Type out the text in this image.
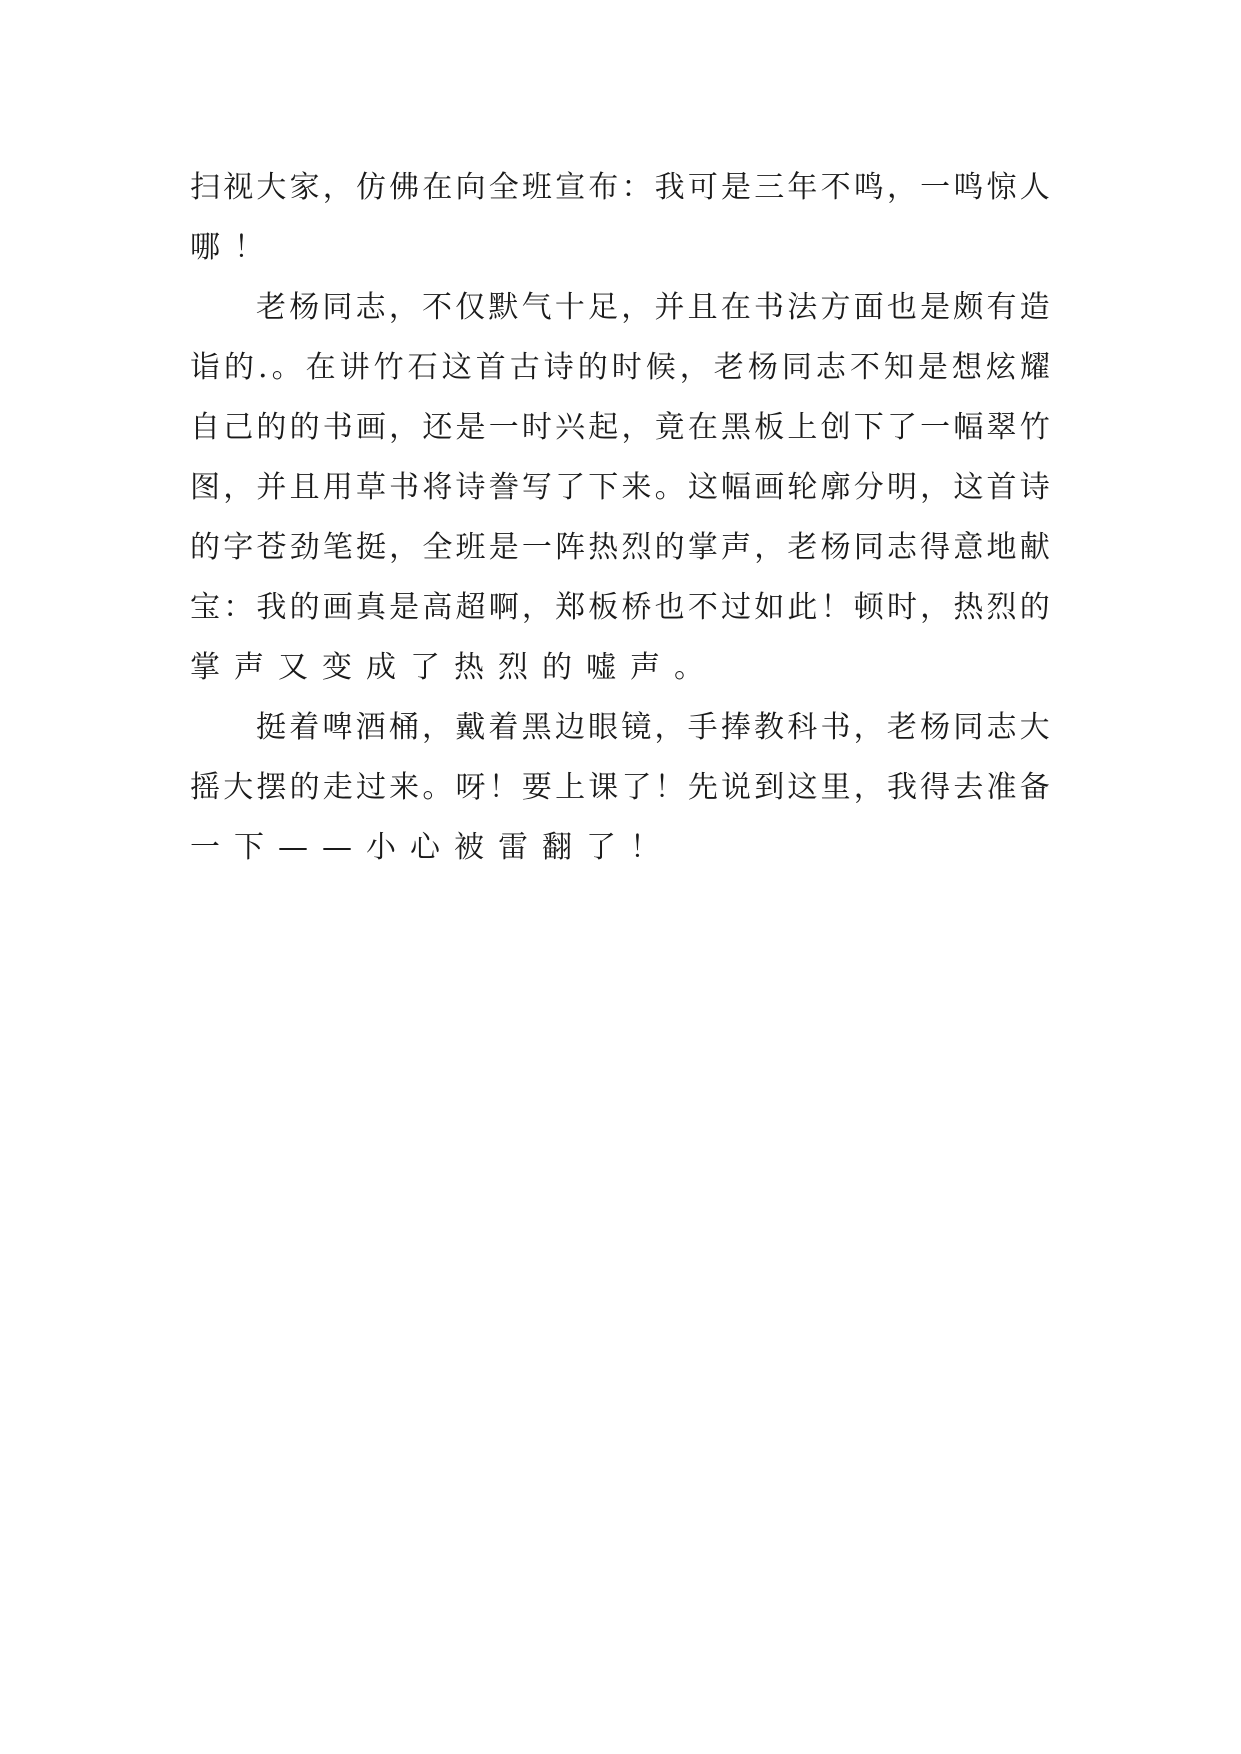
扫 视 大 家 ， 仿 佛 在 向 全 班 宣 布 ： 我 可 是 三 年 不 鸣 ， 一 鸣 惊 人
哪 ！
老 杨 同 志 ， 不 仅 默 气 十 足 ， 并 且 在 书 法 方 面 也 是 颇 有 造
诣 的 . 。 在 讲 竹 石 这 首 古 诗 的 时 候 ， 老 杨 同 志 不 知 是 想 炫 耀
自 己 的 的 书 画 ， 还 是 一 时 兴 起 ， 竟 在 黑 板 上 创 下 了 一 幅 翠 竹
图 ， 并 且 用 草 书 将 诗 誊 写 了 下 来 。 这 幅 画 轮 廓 分 明 ， 这 首 诗
的 字 苍 劲 笔 挺 ， 全 班 是 一 阵 热 烈 的 掌 声 ， 老 杨 同 志 得 意 地 献
宝 ： 我 的 画 真 是 高 超 啊 ， 郑 板 桥 也 不 过 如 此 ！ 顿 时 ， 热 烈 的
掌 声 又 变 成 了 热 烈 的 嘘 声 。
挺 着 啤 酒 桶 ， 戴 着 黑 边 眼 镜 ， 手 捧 教 科 书 ， 老 杨 同 志 大
摇 大 摆 的 走 过 来 。 呀 ！ 要 上 课 了 ！ 先 说 到 这 里 ， 我 得 去 准 备
一 下 — — 小 心 被 雷 翻 了 ！
